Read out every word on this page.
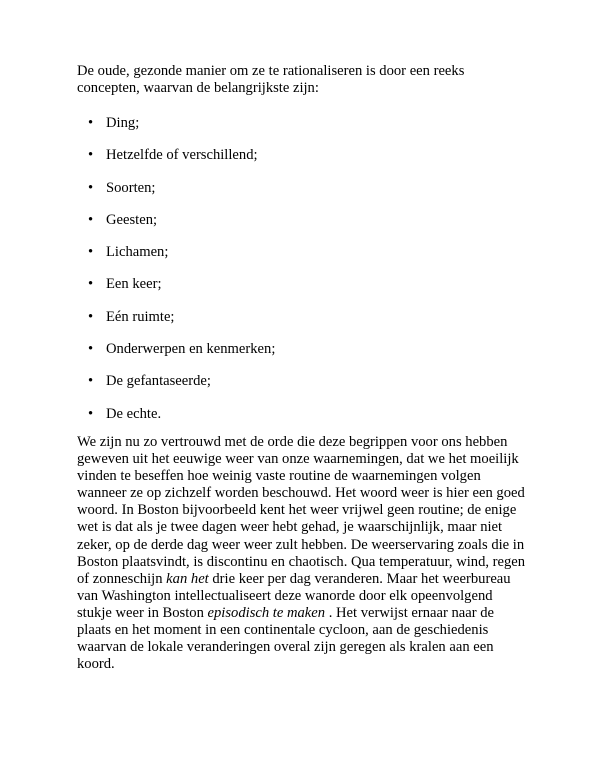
De oude, gezonde manier om ze te rationaliseren is door een reeks concepten, waarvan de belangrijkste zijn:

• Ding;
• Hetzelfde of verschillend;
• Soorten;
• Geesten;
• Lichamen;
• Een keer;
• Eén ruimte;
• Onderwerpen en kenmerken;
• De gefantaseerde;
• De echte.

We zijn nu zo vertrouwd met de orde die deze begrippen voor ons hebben geweven uit het eeuwige weer van onze waarnemingen, dat we het moeilijk vinden te beseffen hoe weinig vaste routine de waarnemingen volgen wanneer ze op zichzelf worden beschouwd. Het woord weer is hier een goed woord. In Boston bijvoorbeeld kent het weer vrijwel geen routine; de enige wet is dat als je twee dagen weer hebt gehad, je waarschijnlijk, maar niet zeker, op de derde dag weer weer zult hebben. De weerservaring zoals die in Boston plaatsvindt, is discontinu en chaotisch. Qua temperatuur, wind, regen of zonneschijn kan het drie keer per dag veranderen. Maar het weerbureau van Washington intellectualiseert deze wanorde door elk opeenvolgend stukje weer in Boston episodisch te maken . Het verwijst ernaar naar de plaats en het moment in een continentale cycloon, aan de geschiedenis waarvan de lokale veranderingen overal zijn geregen als kralen aan een koord.
